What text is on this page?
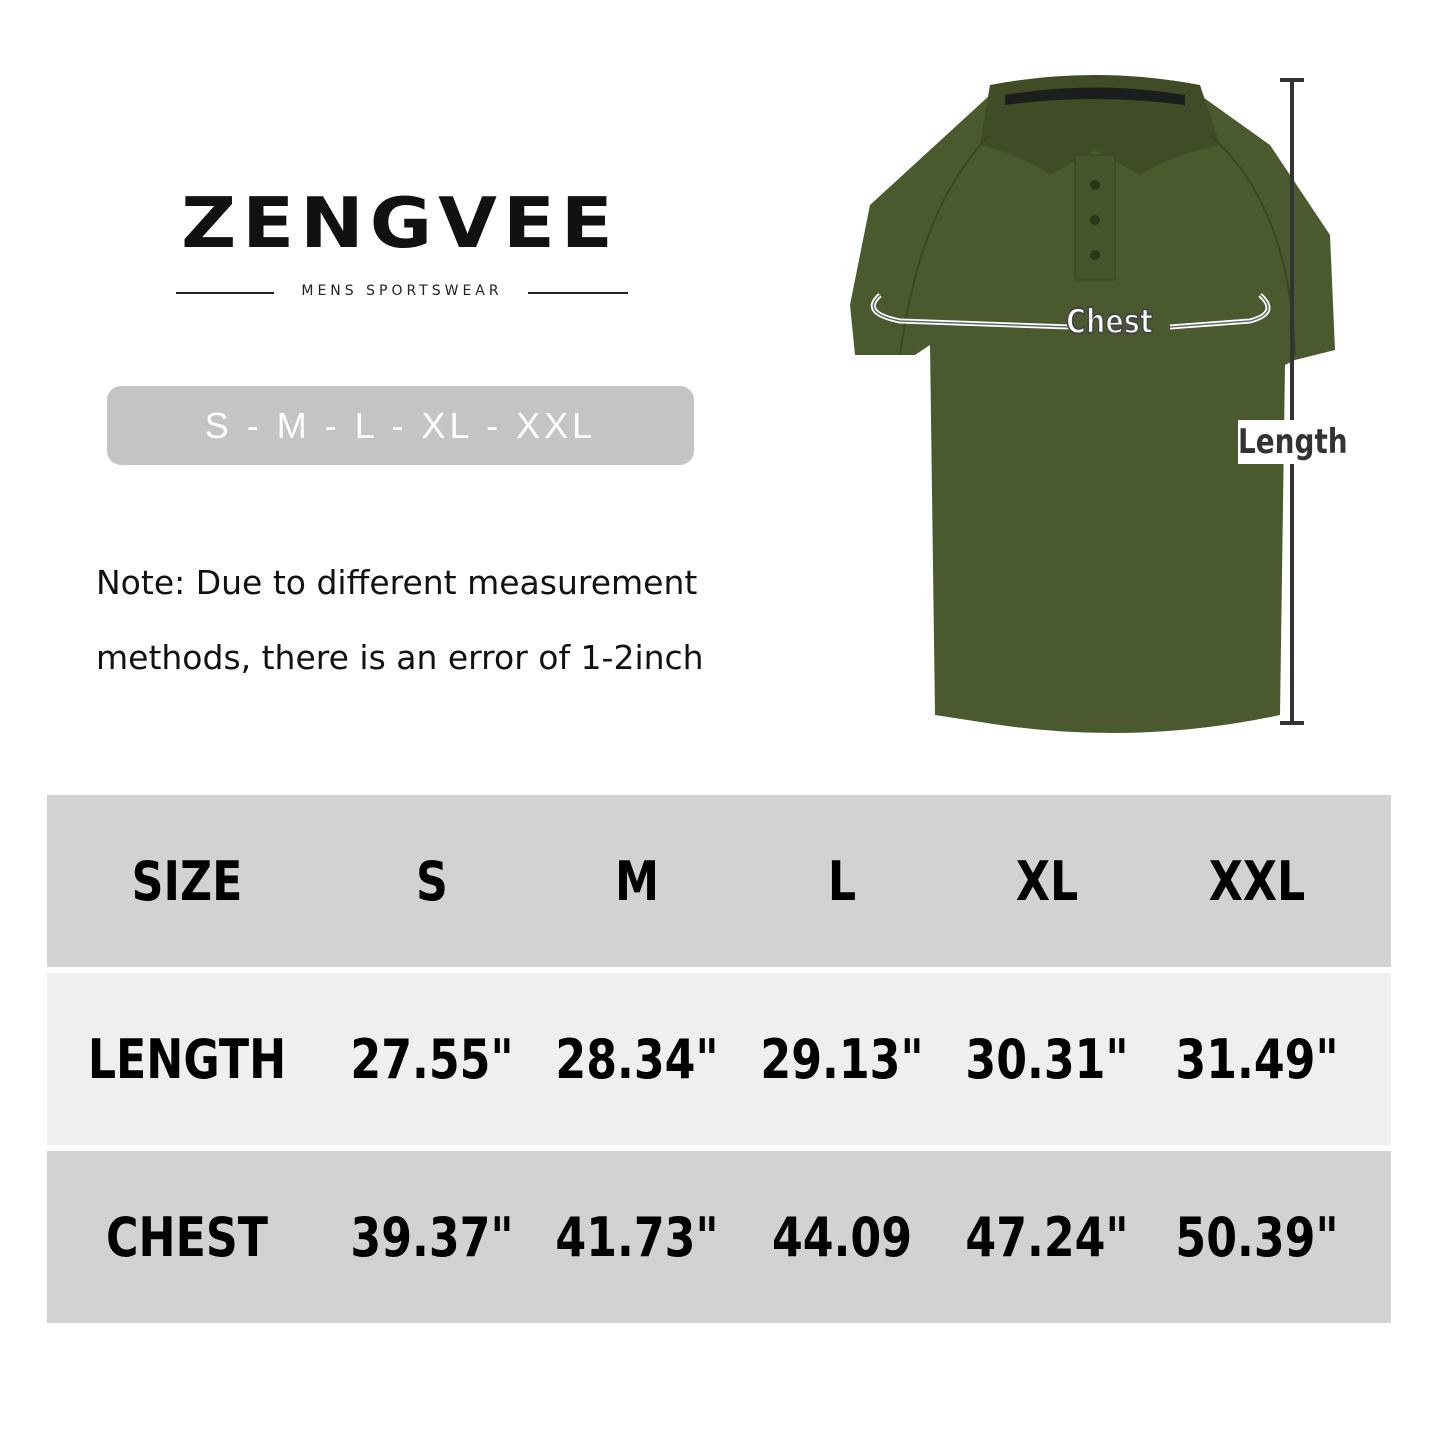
ZENGVEE
MENS SPORTSWEAR
S - M - L - XL - XXL
Note: Due to different measurement
methods, there is an error of 1-2inch
Chest
Length
SIZE	S	M	L	XL	XXL
LENGTH 27.55" 28.34" 29.13" 30.31" 31.49"
CHEST	39.37" 41.73" 44.09 47.24" 50.39"
